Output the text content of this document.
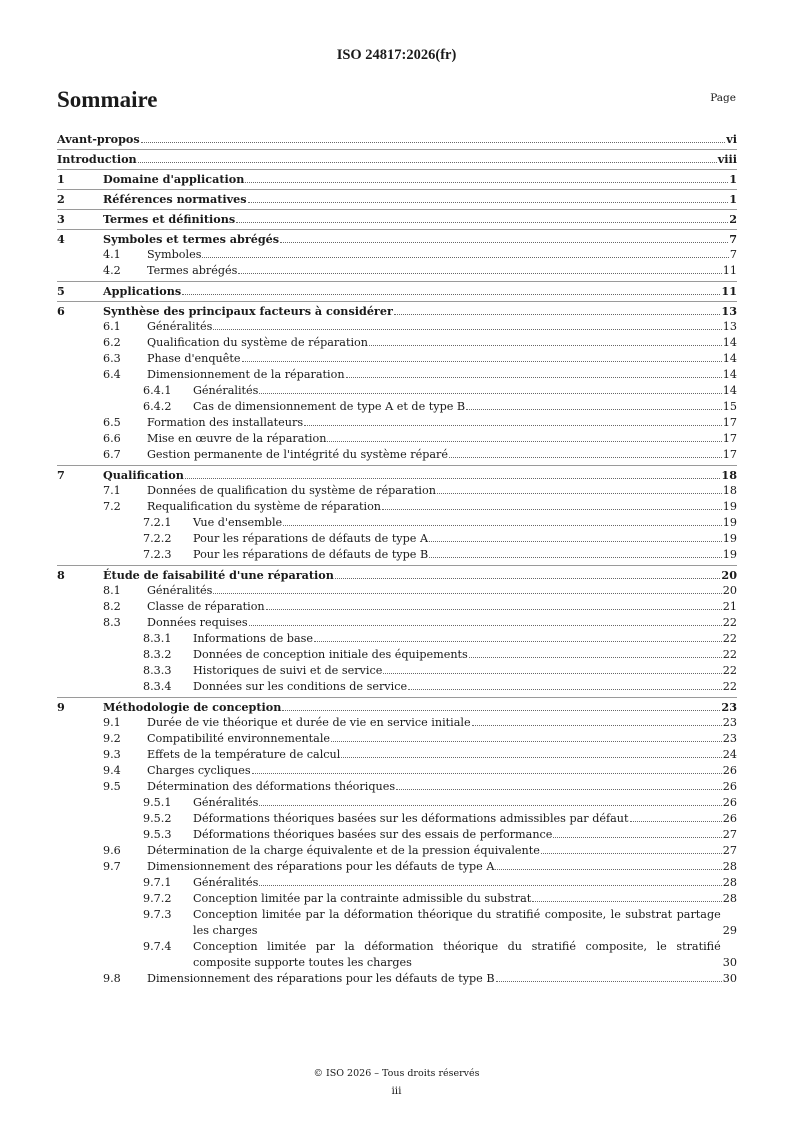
ISO 24817:2026(fr)
Sommaire	Page
Avant-propos	vi
Introduction	viii
1	Domaine d'application	1
2	Références normatives	1
3	Termes et définitions	2
4	Symboles et termes abrégés	7
4.1 Symboles	7
4.2 Termes abrégés	11
5	Applications	11
6	Synthèse des principaux facteurs à considérer	13
6.1 Généralités	13
6.2 Qualification du système de réparation	14
6.3 Phase d'enquête	14
6.4 Dimensionnement de la réparation	14
6.4.1 Généralités	14
6.4.2 Cas de dimensionnement de type A et de type B	15
6.5 Formation des installateurs	17
6.6 Mise en œuvre de la réparation	17
6.7 Gestion permanente de l'intégrité du système réparé	17
7	Qualification	18
7.1 Données de qualification du système de réparation	18
7.2 Requalification du système de réparation	19
7.2.1 Vue d'ensemble	19
7.2.2 Pour les réparations de défauts de type A	19
7.2.3 Pour les réparations de défauts de type B	19
8	Étude de faisabilité d'une réparation	20
8.1 Généralités	20
8.2 Classe de réparation	21
8.3 Données requises	22
8.3.1 Informations de base	22
8.3.2 Données de conception initiale des équipements	22
8.3.3 Historiques de suivi et de service	22
8.3.4 Données sur les conditions de service	22
9	Méthodologie de conception	23
9.1 Durée de vie théorique et durée de vie en service initiale	23
9.2 Compatibilité environnementale	23
9.3 Effets de la température de calcul	24
9.4 Charges cycliques	26
9.5 Détermination des déformations théoriques	26
9.5.1 Généralités	26
9.5.2 Déformations théoriques basées sur les déformations admissibles par défaut	26
9.5.3 Déformations théoriques basées sur des essais de performance	27
9.6 Détermination de la charge équivalente et de la pression équivalente	27
9.7 Dimensionnement des réparations pour les défauts de type A	28
9.7.1 Généralités	28
9.7.2 Conception limitée par la contrainte admissible du substrat	28
9.7.3 Conception limitée par la déformation théorique du stratifié composite, le substrat partage les charges	29
9.7.4 Conception limitée par la déformation théorique du stratifié composite, le stratifié composite supporte toutes les charges	30
9.8 Dimensionnement des réparations pour les défauts de type B	30
© ISO 2026 – Tous droits réservés
iii
